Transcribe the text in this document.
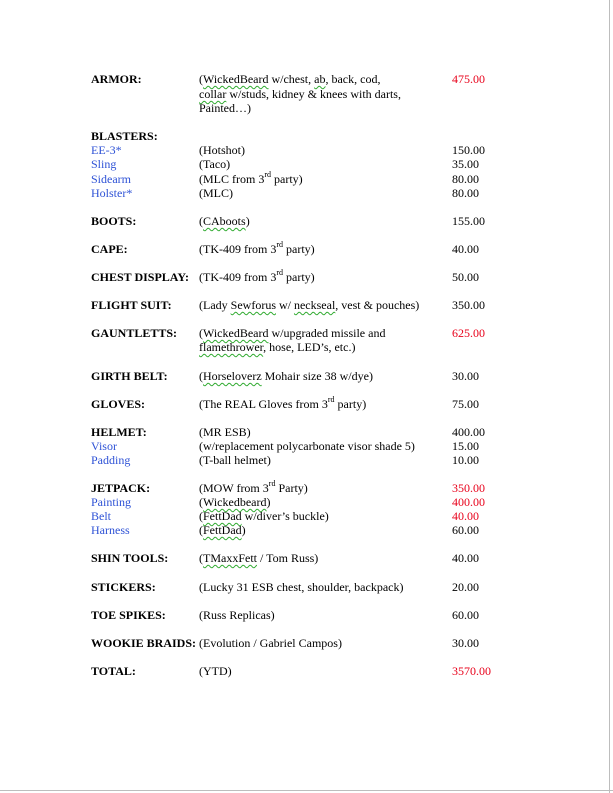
ARMOR:	(WickedBeard w/chest, ab, back, cod,	475.00
collar w/studs, kidney & knees with darts,
Painted…)
BLASTERS:
EE-3*	(Hotshot)	150.00
Sling	(Taco)	35.00
Sidearm	(MLC from 3rd party)	80.00
Holster*	(MLC)	80.00
BOOTS:	(CAboots)	155.00
CAPE:	(TK-409 from 3rd party)	40.00
CHEST DISPLAY: (TK-409 from 3rd party)	50.00
FLIGHT SUIT: (Lady Sewforus w/ neckseal, vest & pouches)	350.00
GAUNTLETTS: (WickedBeard w/upgraded missile and	625.00
flamethrower, hose, LED’s, etc.)
GIRTH BELT:	(Horseloverz Mohair size 38 w/dye)	30.00
GLOVES:	(The REAL Gloves from 3rd party)	75.00
HELMET:	(MR ESB)	400.00
Visor	(w/replacement polycarbonate visor shade 5)	15.00
Padding	(T-ball helmet)	10.00
JETPACK:	(MOW from 3rd Party)	350.00
Painting	(Wickedbeard)	400.00
Belt	(FettDad w/diver’s buckle)	40.00
Harness	(FettDad)	60.00
SHIN TOOLS:	(TMaxxFett / Tom Russ)	40.00
STICKERS:	(Lucky 31 ESB chest, shoulder, backpack)	20.00
TOE SPIKES:	(Russ Replicas)	60.00
WOOKIE BRAIDS: (Evolution / Gabriel Campos)	30.00
TOTAL:	(YTD)	3570.00
